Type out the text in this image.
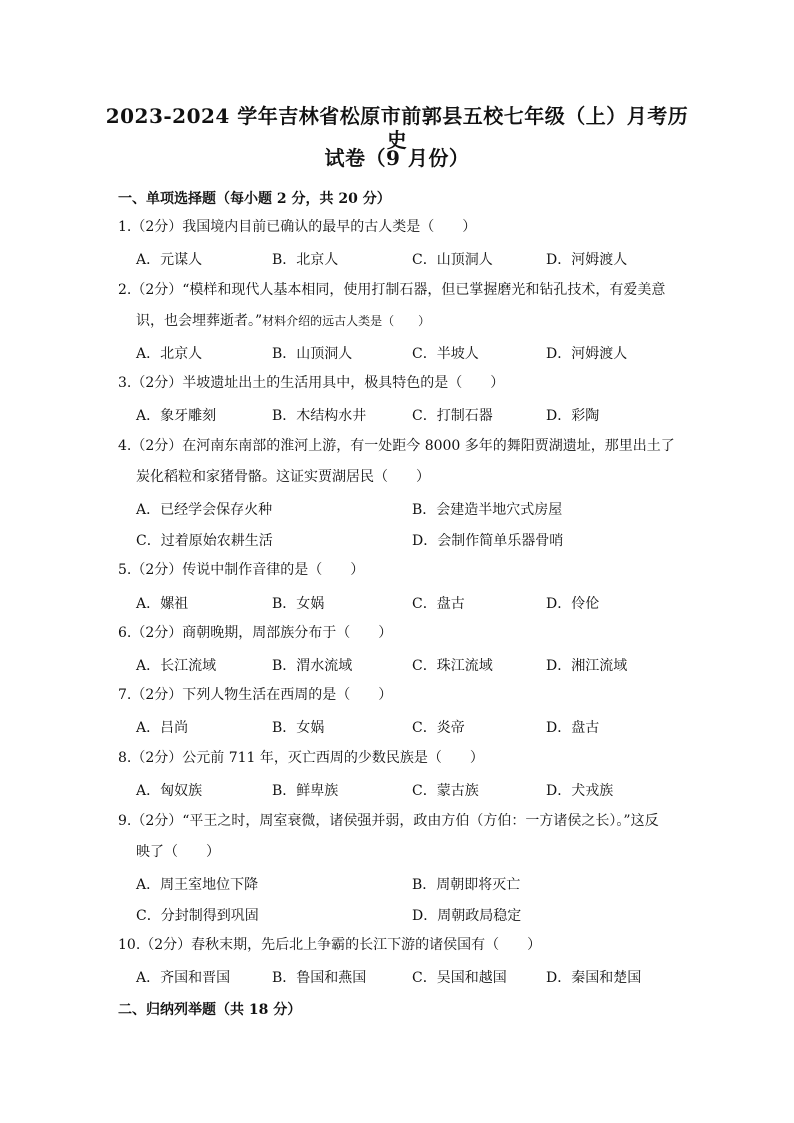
2023-2024 学年吉林省松原市前郭县五校七年级（上）月考历史
试卷（9 月份）
一、单项选择题（每小题 2 分，共 20 分）
1.（2分）我国境内目前已确认的最早的古人类是（　　）
A．元谋人	B．北京人	C．山顶洞人	D．河姆渡人
2.（2分）“模样和现代人基本相同，使用打制石器，但已掌握磨光和钻孔技术，有爱美意
识，也会埋葬逝者。”材料介绍的远古人类是（　　）
A．北京人	B．山顶洞人	C．半坡人	D．河姆渡人
3.（2分）半坡遗址出土的生活用具中，极具特色的是（　　）
A．象牙雕刻	B．木结构水井	C．打制石器	D．彩陶
4.（2分）在河南东南部的淮河上游，有一处距今 8000 多年的舞阳贾湖遗址，那里出土了
炭化稻粒和家猪骨骼。这证实贾湖居民（　　）
A．已经学会保存火种	B．会建造半地穴式房屋
C．过着原始农耕生活	D．会制作简单乐器骨哨
5.（2分）传说中制作音律的是（　　）
A．嫘祖	B．女娲	C．盘古	D．伶伦
6.（2分）商朝晚期，周部族分布于（　　）
A．长江流域	B．渭水流域	C．珠江流域	D．湘江流域
7.（2分）下列人物生活在西周的是（　　）
A．吕尚	B．女娲	C．炎帝	D．盘古
8.（2分）公元前 711 年，灭亡西周的少数民族是（　　）
A．匈奴族	B．鲜卑族	C．蒙古族	D．犬戎族
9.（2分）“平王之时，周室衰微，诸侯强并弱，政由方伯（方伯：一方诸侯之长）。”这反
映了（　　）
A．周王室地位下降	B．周朝即将灭亡
C．分封制得到巩固	D．周朝政局稳定
10.（2分）春秋末期，先后北上争霸的长江下游的诸侯国有（　　）
A．齐国和晋国	B．鲁国和燕国	C．吴国和越国	D．秦国和楚国
二、归纳列举题（共 18 分）
